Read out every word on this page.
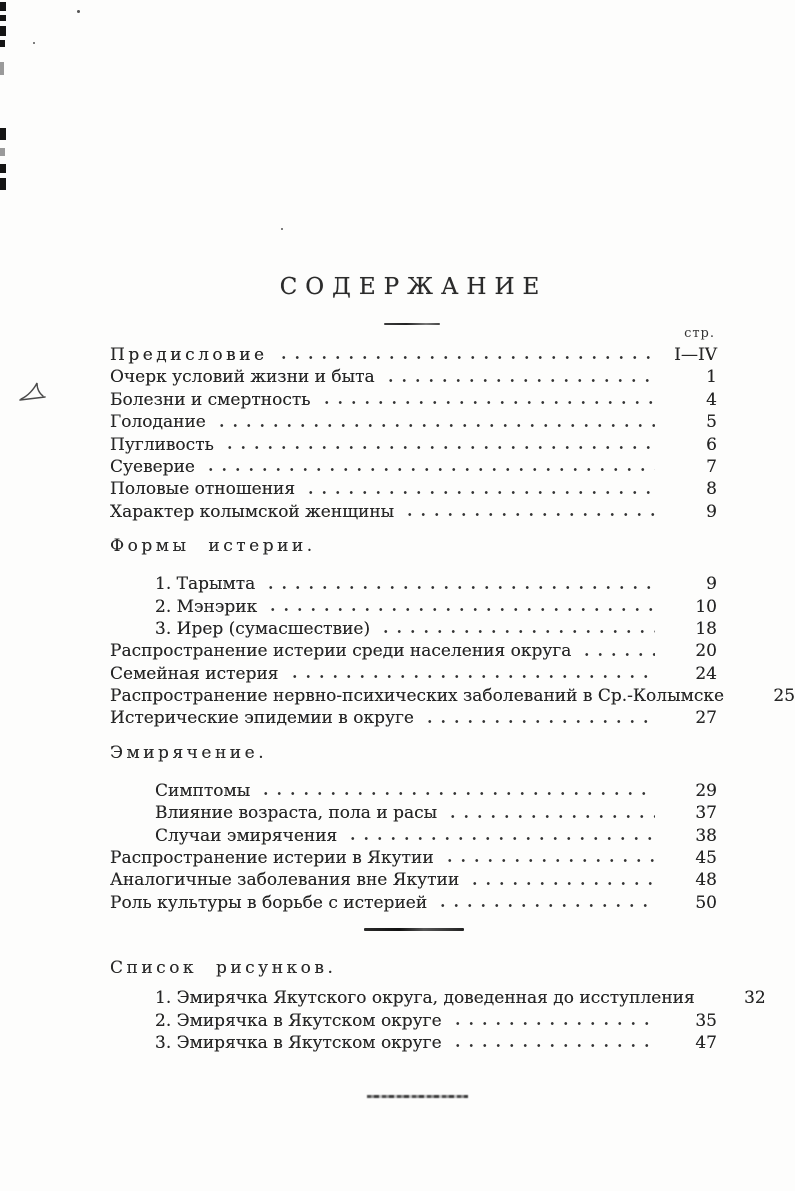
СОДЕРЖАНИЕ
стр.
Предисловие	I—IV
Очерк условий жизни и быта	1
Болезни и смертность	4
Голодание	5
Пугливость	6
Суеверие	7
Половые отношения	8
Характер колымской женщины	9
Формы истерии.
1. Тарымта	9
2. Мэнэрик	10
3. Ирер (сумасшествие)	18
Распространение истерии среди населения округа	20
Семейная истерия	24
Распространение нервно-психических заболеваний в Ср.-Колымске	25
Истерические эпидемии в округе	27
Эмирячение.
Симптомы	29
Влияние возраста, пола и расы	37
Случаи эмирячения	38
Распространение истерии в Якутии	45
Аналогичные заболевания вне Якутии	48
Роль культуры в борьбе с истерией	50
Список рисунков.
1. Эмирячка Якутского округа, доведенная до исступления	32
2. Эмирячка в Якутском округе	35
3. Эмирячка в Якутском округе	47
